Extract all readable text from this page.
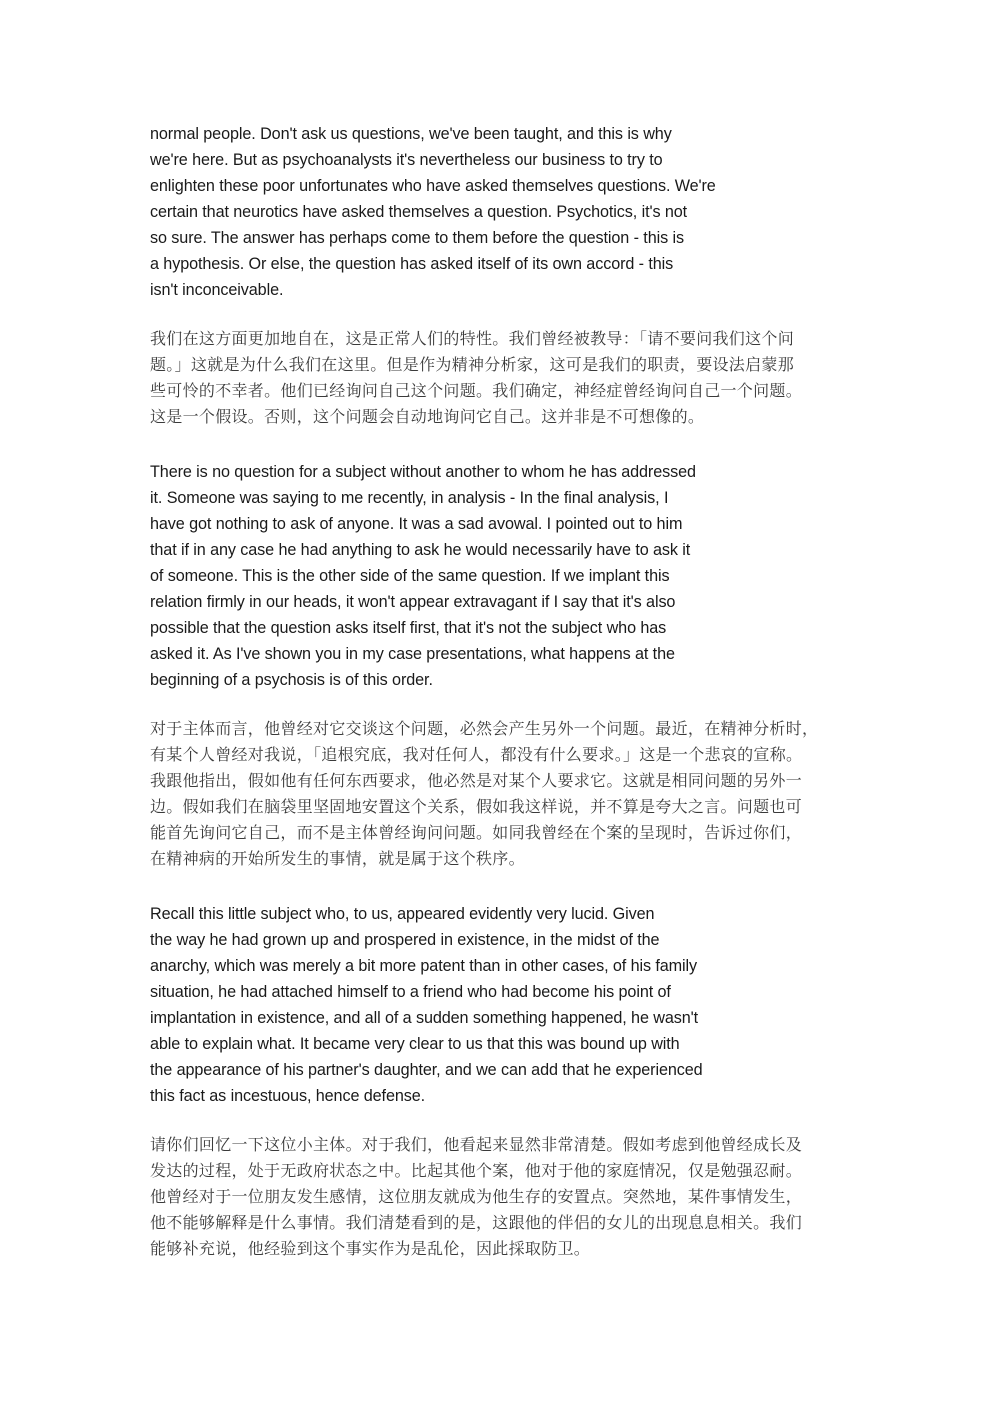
normal people. Don't ask us questions, we've been taught, and this is why
we're here. But as psychoanalysts it's nevertheless our business to try to
enlighten these poor unfortunates who have asked themselves questions. We're
certain that neurotics have asked themselves a question. Psychotics, it's not
so sure. The answer has perhaps come to them before the question - this is
a hypothesis. Or else, the question has asked itself of its own accord - this
isn't inconceivable.

我们在这方面更加地自在，这是正常人们的特性。我们曾经被教导：「请不要问我们这个问
题。」这就是为什么我们在这里。但是作为精神分析家，这可是我们的职责，要设法启蒙那
些可怜的不幸者。他们已经询问自己这个问题。我们确定，神经症曾经询问自己一个问题。
这是一个假设。否则，这个问题会自动地询问它自己。这并非是不可想像的。

There is no question for a subject without another to whom he has addressed
it. Someone was saying to me recently, in analysis - In the final analysis, I
have got nothing to ask of anyone. It was a sad avowal. I pointed out to him
that if in any case he had anything to ask he would necessarily have to ask it
of someone. This is the other side of the same question. If we implant this
relation firmly in our heads, it won't appear extravagant if I say that it's also
possible that the question asks itself first, that it's not the subject who has
asked it. As I've shown you in my case presentations, what happens at the
beginning of a psychosis is of this order.

对于主体而言，他曾经对它交谈这个问题，必然会产生另外一个问题。最近，在精神分析时，
有某个人曾经对我说，「追根究底，我对任何人，都没有什么要求。」这是一个悲哀的宣称。
我跟他指出，假如他有任何东西要求，他必然是对某个人要求它。这就是相同问题的另外一
边。假如我们在脑袋里坚固地安置这个关系，假如我这样说，并不算是夸大之言。问题也可
能首先询问它自己，而不是主体曾经询问问题。如同我曾经在个案的呈现时，告诉过你们，
在精神病的开始所发生的事情，就是属于这个秩序。

Recall this little subject who, to us, appeared evidently very lucid. Given
the way he had grown up and prospered in existence, in the midst of the
anarchy, which was merely a bit more patent than in other cases, of his family
situation, he had attached himself to a friend who had become his point of
implantation in existence, and all of a sudden something happened, he wasn't
able to explain what. It became very clear to us that this was bound up with
the appearance of his partner's daughter, and we can add that he experienced
this fact as incestuous, hence defense.

请你们回忆一下这位小主体。对于我们，他看起来显然非常清楚。假如考虑到他曾经成长及
发达的过程，处于无政府状态之中。比起其他个案，他对于他的家庭情况，仅是勉强忍耐。
他曾经对于一位朋友发生感情，这位朋友就成为他生存的安置点。突然地，某件事情发生，
他不能够解释是什么事情。我们清楚看到的是，这跟他的伴侣的女儿的出现息息相关。我们
能够补充说，他经验到这个事实作为是乱伦，因此採取防卫。
